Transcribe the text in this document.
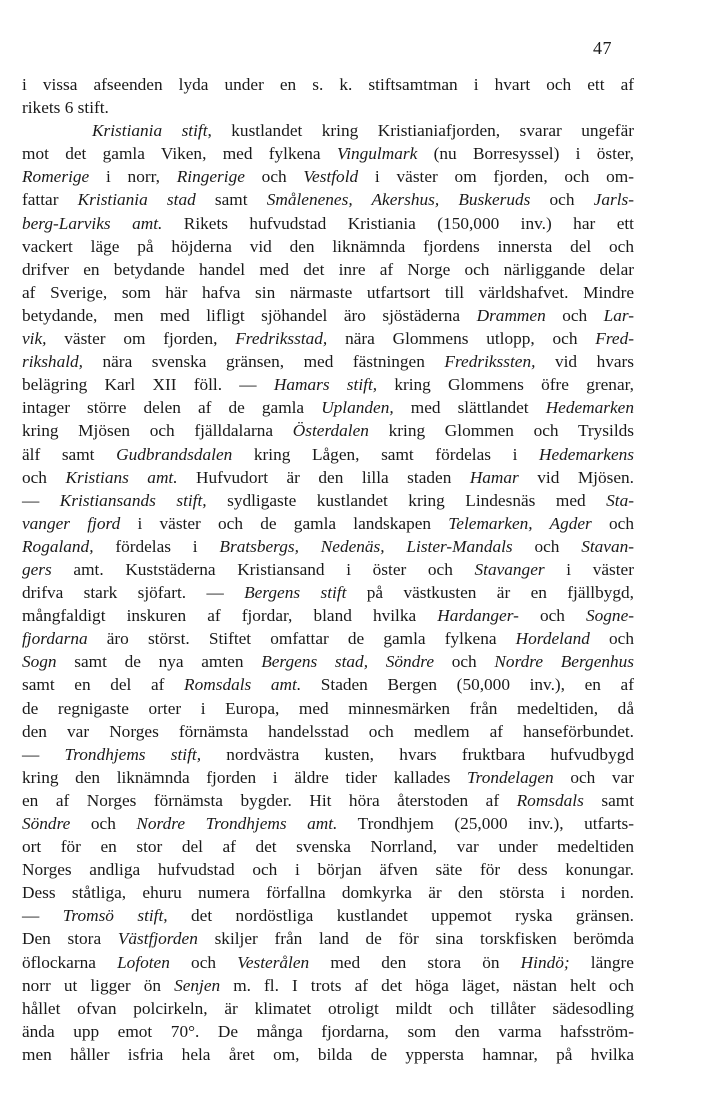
47
i vissa afseenden lyda under en s. k. stiftsamtman i hvart och ett af
rikets 6 stift.
Kristiania stift, kustlandet kring Kristianiafjorden, svarar ungefär
mot det gamla Viken, med fylkena Vingulmark (nu Borresyssel) i öster,
Romerige i norr, Ringerige och Vestfold i väster om fjorden, och om-
fattar Kristiania stad samt Smålenenes, Akershus, Buskeruds och Jarls-
berg-Larviks amt. Rikets hufvudstad Kristiania (150,000 inv.) har ett
vackert läge på höjderna vid den liknämnda fjordens innersta del och
drifver en betydande handel med det inre af Norge och närliggande delar
af Sverige, som här hafva sin närmaste utfartsort till världshafvet. Mindre
betydande, men med lifligt sjöhandel äro sjöstäderna Drammen och Lar-
vik, väster om fjorden, Fredriksstad, nära Glommens utlopp, och Fred-
rikshald, nära svenska gränsen, med fästningen Fredrikssten, vid hvars
belägring Karl XII föll. — Hamars stift, kring Glommens öfre grenar,
intager större delen af de gamla Uplanden, med slättlandet Hedemarken
kring Mjösen och fjälldalarna Österdalen kring Glommen och Trysilds
älf samt Gudbrandsdalen kring Lågen, samt fördelas i Hedemarkens
och Kristians amt. Hufvudort är den lilla staden Hamar vid Mjösen.
— Kristiansands stift, sydligaste kustlandet kring Lindesnäs med Sta-
vanger fjord i väster och de gamla landskapen Telemarken, Agder och
Rogaland, fördelas i Bratsbergs, Nedenäs, Lister-Mandals och Stavan-
gers amt. Kuststäderna Kristiansand i öster och Stavanger i väster
drifva stark sjöfart. — Bergens stift på västkusten är en fjällbygd,
mångfaldigt inskuren af fjordar, bland hvilka Hardanger- och Sogne-
fjordarna äro störst. Stiftet omfattar de gamla fylkena Hordeland och
Sogn samt de nya amten Bergens stad, Söndre och Nordre Bergenhus
samt en del af Romsdals amt. Staden Bergen (50,000 inv.), en af
de regnigaste orter i Europa, med minnesmärken från medeltiden, då
den var Norges förnämsta handelsstad och medlem af hanseförbundet.
— Trondhjems stift, nordvästra kusten, hvars fruktbara hufvudbygd
kring den liknämnda fjorden i äldre tider kallades Trondelagen och var
en af Norges förnämsta bygder. Hit höra återstoden af Romsdals samt
Söndre och Nordre Trondhjems amt. Trondhjem (25,000 inv.), utfarts-
ort för en stor del af det svenska Norrland, var under medeltiden
Norges andliga hufvudstad och i början äfven säte för dess konungar.
Dess ståtliga, ehuru numera förfallna domkyrka är den största i norden.
— Tromsö stift, det nordöstliga kustlandet uppemot ryska gränsen.
Den stora Västfjorden skiljer från land de för sina torskfisken berömda
öflockarna Lofoten och Vesterålen med den stora ön Hindö; längre
norr ut ligger ön Senjen m. fl. I trots af det höga läget, nästan helt och
hållet ofvan polcirkeln, är klimatet otroligt mildt och tillåter sädesodling
ända upp emot 70°. De många fjordarna, som den varma hafsström-
men håller isfria hela året om, bilda de yppersta hamnar, på hvilka
